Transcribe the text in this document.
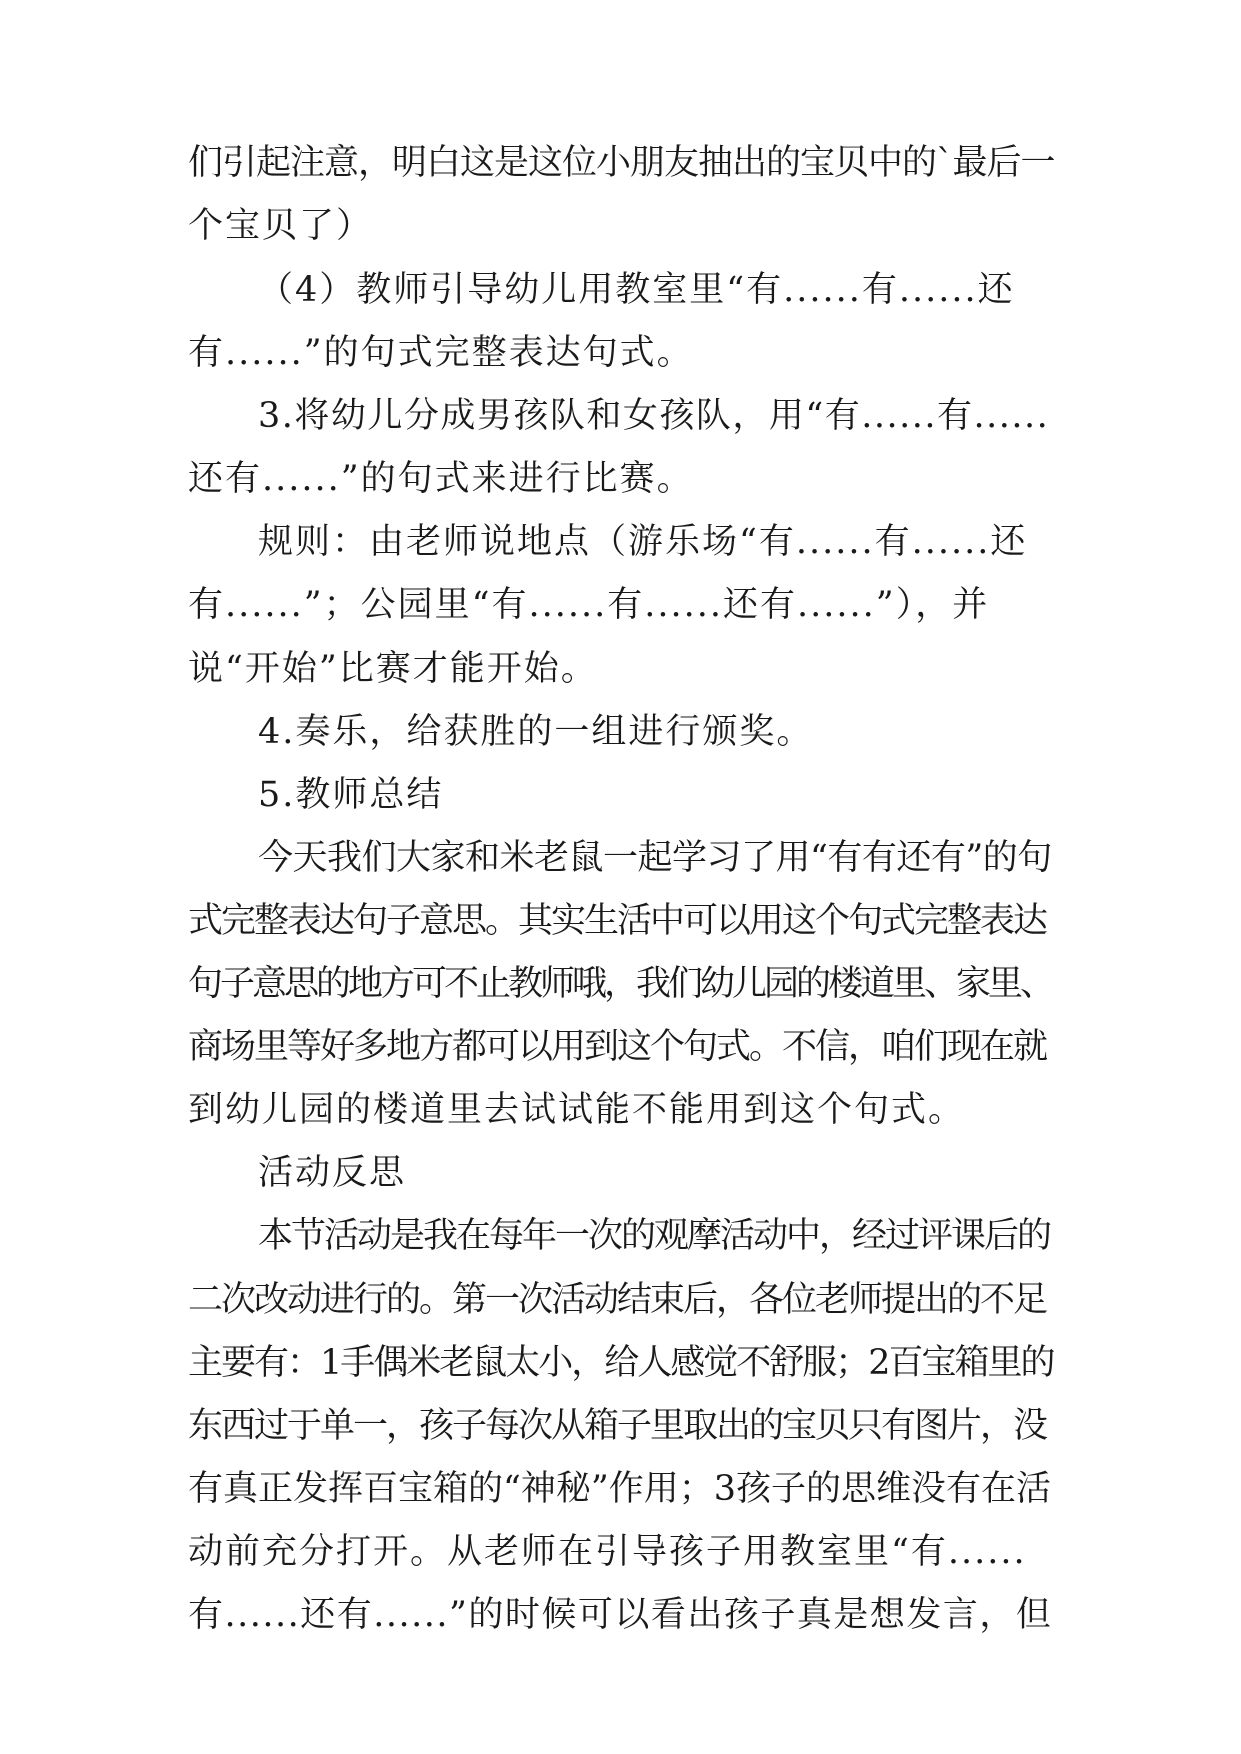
们引起注意，明白这是这位小朋友抽出的宝贝中的`最后一
个宝贝了）
（4）教师引导幼儿用教室里“有......有......还
有......”的句式完整表达句式。
3.将幼儿分成男孩队和女孩队，用“有......有......
还有......”的句式来进行比赛。
规则：由老师说地点（游乐场“有......有......还
有......”；公园里“有......有......还有......”），并
说“开始”比赛才能开始。
4.奏乐，给获胜的一组进行颁奖。
5.教师总结
今天我们大家和米老鼠一起学习了用“有有还有”的句
式完整表达句子意思。其实生活中可以用这个句式完整表达
句子意思的地方可不止教师哦，我们幼儿园的楼道里、家里、
商场里等好多地方都可以用到这个句式。不信，咱们现在就
到幼儿园的楼道里去试试能不能用到这个句式。
活动反思
本节活动是我在每年一次的观摩活动中，经过评课后的
二次改动进行的。第一次活动结束后，各位老师提出的不足
主要有：1手偶米老鼠太小，给人感觉不舒服；2百宝箱里的
东西过于单一，孩子每次从箱子里取出的宝贝只有图片，没
有真正发挥百宝箱的“神秘”作用；3孩子的思维没有在活
动前充分打开。从老师在引导孩子用教室里“有......
有......还有......”的时候可以看出孩子真是想发言，但
